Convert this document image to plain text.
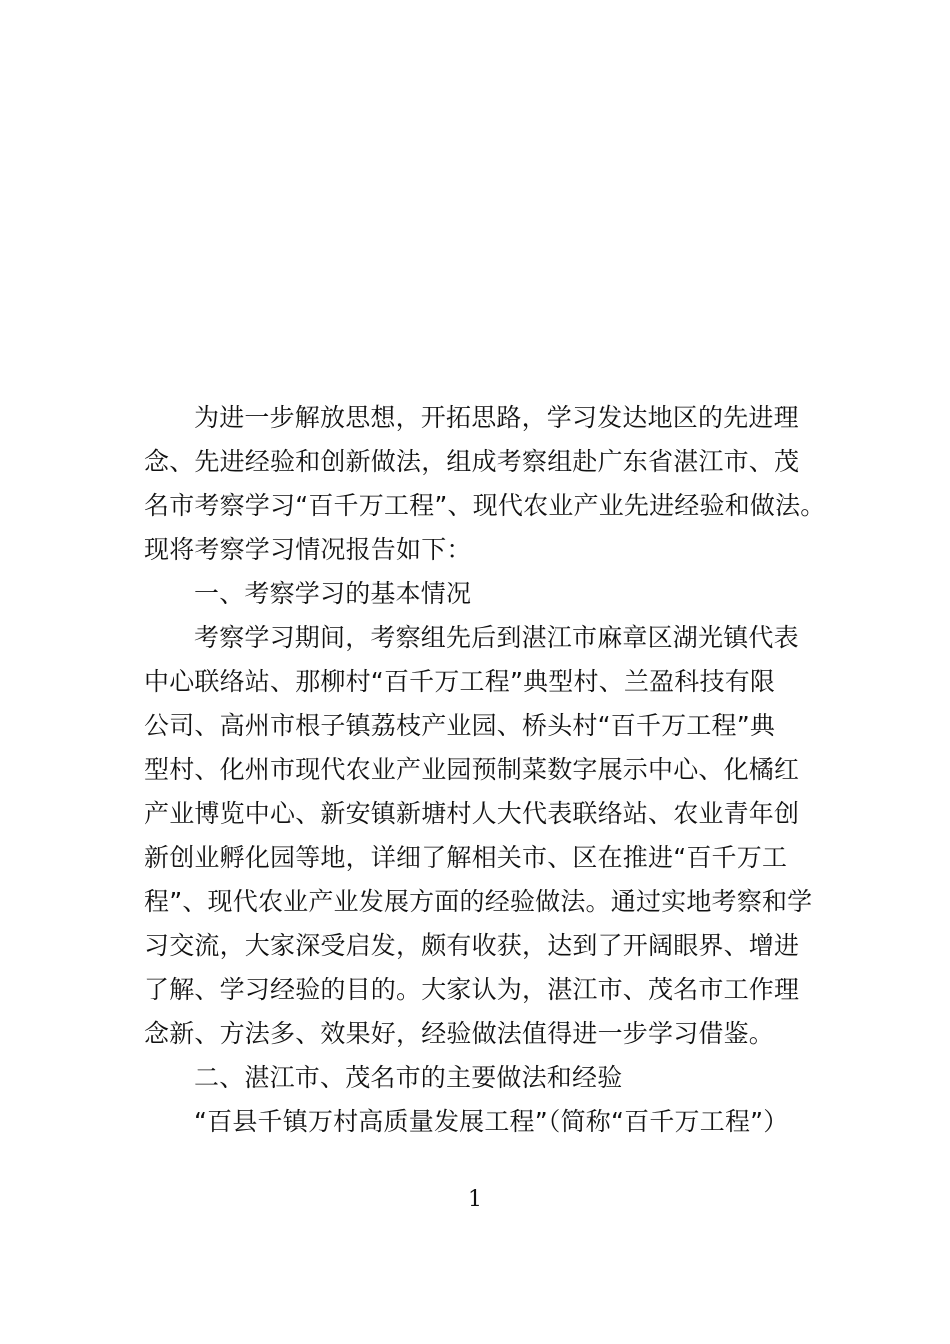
为进一步解放思想，开拓思路，学习发达地区的先进理
念、先进经验和创新做法，组成考察组赴广东省湛江市、茂
名市考察学习“百千万工程”、现代农业产业先进经验和做法。
现将考察学习情况报告如下：
一、考察学习的基本情况
考察学习期间，考察组先后到湛江市麻章区湖光镇代表
中心联络站、那柳村“百千万工程”典型村、兰盈科技有限
公司、高州市根子镇荔枝产业园、桥头村“百千万工程”典
型村、化州市现代农业产业园预制菜数字展示中心、化橘红
产业博览中心、新安镇新塘村人大代表联络站、农业青年创
新创业孵化园等地，详细了解相关市、区在推进“百千万工
程”、现代农业产业发展方面的经验做法。通过实地考察和学
习交流，大家深受启发，颇有收获，达到了开阔眼界、增进
了解、学习经验的目的。大家认为，湛江市、茂名市工作理
念新、方法多、效果好，经验做法值得进一步学习借鉴。
二、湛江市、茂名市的主要做法和经验
“百县千镇万村高质量发展工程”（简称“百千万工程”）
1
